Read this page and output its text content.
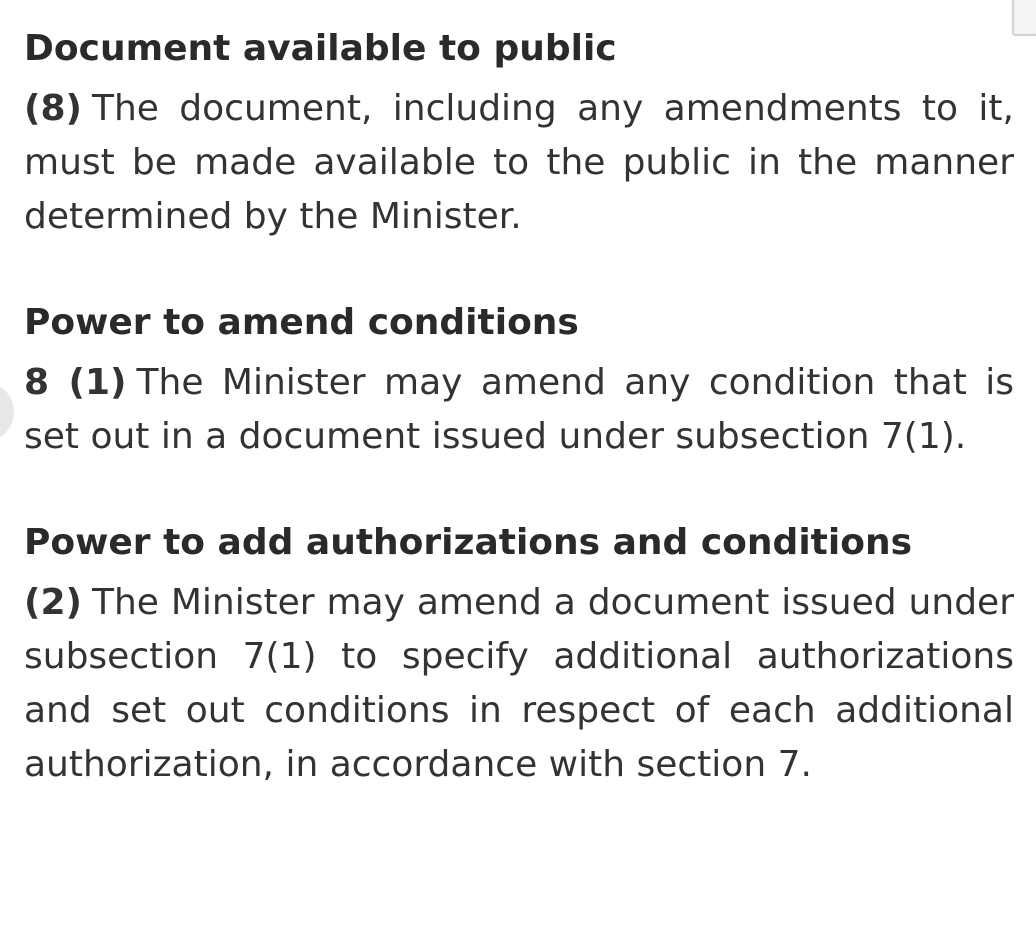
Document available to public

(8) The document, including any amendments to it, must be made available to the public in the manner determined by the Minister.

Power to amend conditions

8 (1) The Minister may amend any condition that is set out in a document issued under subsection 7(1).

Power to add authorizations and conditions

(2) The Minister may amend a document issued under subsection 7(1) to specify additional authorizations and set out conditions in respect of each additional authorization, in accordance with section 7.
